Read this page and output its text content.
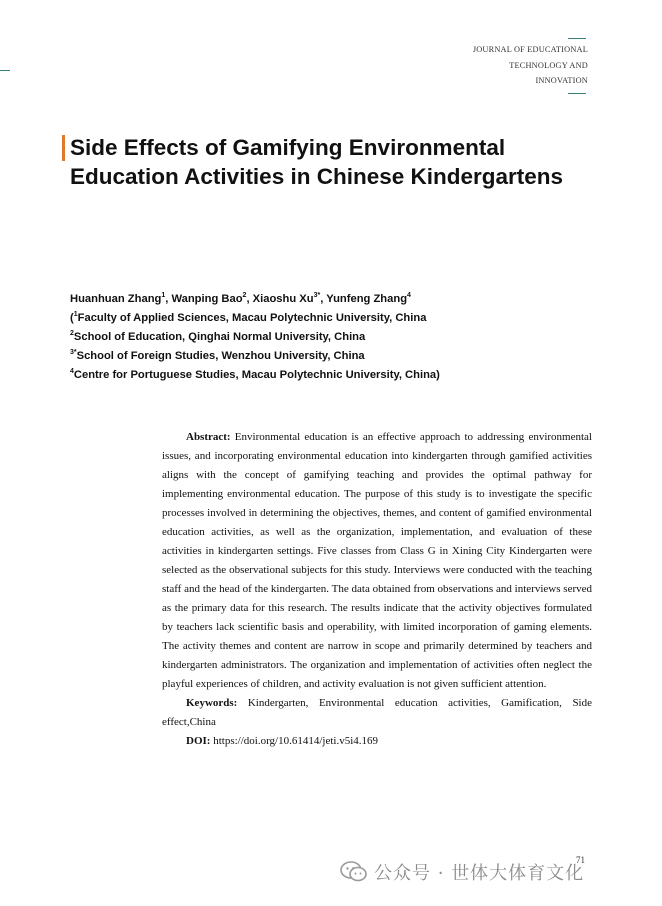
JOURNAL OF EDUCATIONAL
TECHNOLOGY AND
INNOVATION
Side Effects of Gamifying Environmental
Education Activities in Chinese Kindergartens
Huanhuan Zhang$^1$, Wanping Bao$^2$, Xiaoshu $Xu^{3*}$, Yunfeng Zhang$^4$
($^1$Faculty of Applied Sciences, Macau Polytechnic University, China
$^2$School of Education, Qinghai Normal University, China
$^{3*}$School of Foreign Studies, Wenzhou University, China
$^4$Centre for Portuguese Studies, Macau Polytechnic University, China)

Abstract: Environmental education is an effective approach to addressing environmental issues, and incorporating environmental education into kindergarten through gamified activities aligns with the concept of gamifying teaching and provides the optimal pathway for implementing environmental education. The purpose of this study is to investigate the specific processes involved in determining the objectives, themes, and content of gamified environmental education activities, as well as the organization, implementation, and evaluation of these activities in kindergarten settings. Five classes from Class G in Xining City Kindergarten were selected as the observational subjects for this study. Interviews were conducted with the teaching staff and the head of the kindergarten. The data obtained from observations and interviews served as the primary data for this research. The results indicate that the activity objectives formulated by teachers lack scientific basis and operability, with limited incorporation of gaming elements. The activity themes and content are narrow in scope and primarily determined by teachers and kindergarten administrators. The organization and implementation of activities often neglect the playful experiences of children, and activity evaluation is not given sufficient attention.

Keywords: Kindergarten, Environmental education activities, Gamification, Side effect,China

DOI: https://doi.org/10.61414/jeti.v5i4.169

71
公众号 · 世体大体育文化
